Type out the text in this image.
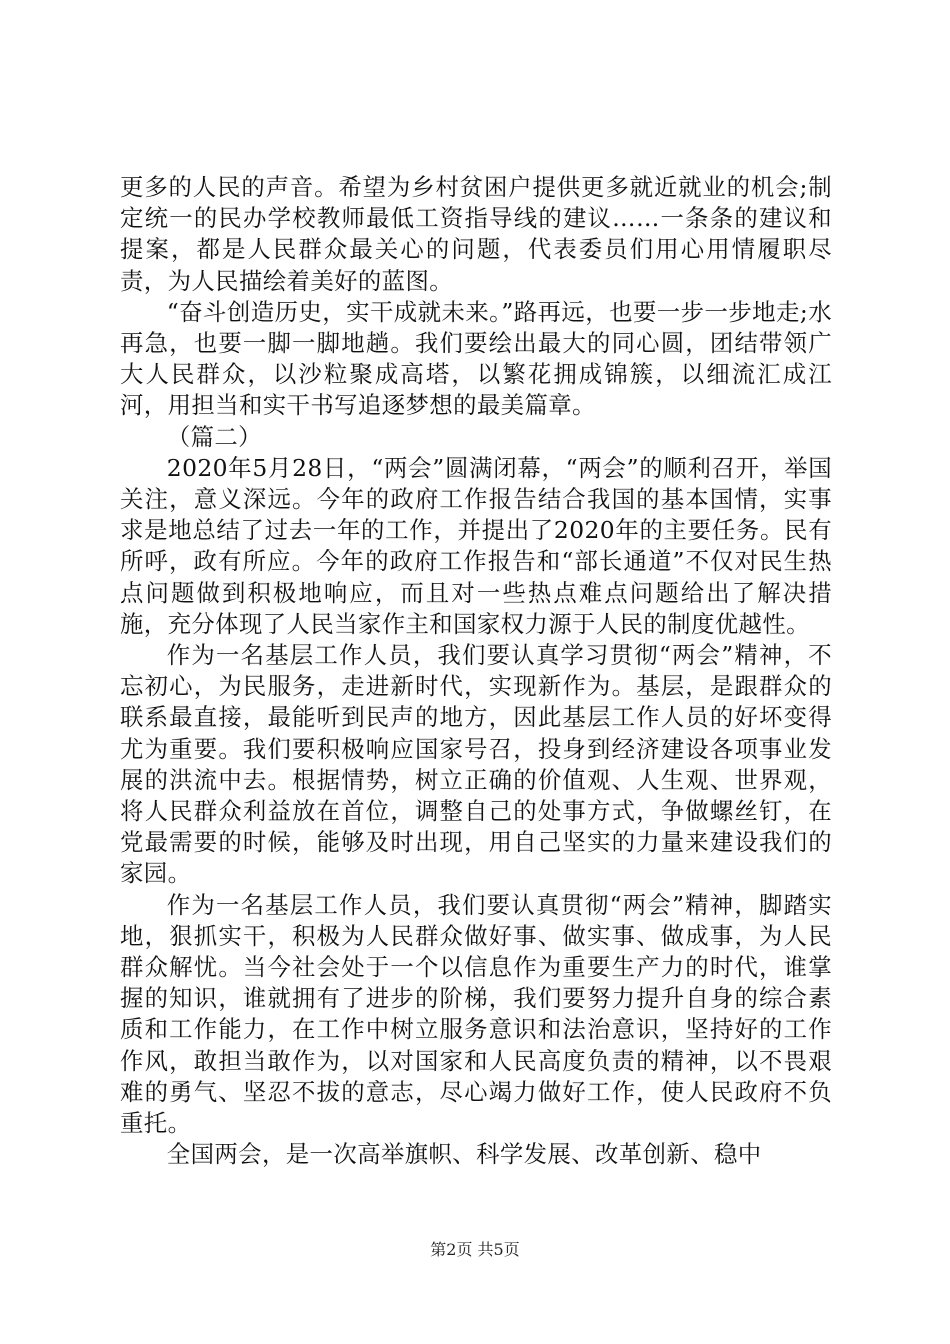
更多的人民的声音。希望为乡村贫困户提供更多就近就业的机会;制定统一的民办学校教师最低工资指导线的建议……一条条的建议和提案，都是人民群众最关心的问题，代表委员们用心用情履职尽责，为人民描绘着美好的蓝图。

“奋斗创造历史，实干成就未来。”路再远，也要一步一步地走;水再急，也要一脚一脚地趟。我们要绘出最大的同心圆，团结带领广大人民群众，以沙粒聚成高塔，以繁花拥成锦簇，以细流汇成江河，用担当和实干书写追逐梦想的最美篇章。

（篇二）

2020年5月28日，“两会”圆满闭幕，“两会”的顺利召开，举国关注，意义深远。今年的政府工作报告结合我国的基本国情，实事求是地总结了过去一年的工作，并提出了2020年的主要任务。民有所呼，政有所应。今年的政府工作报告和“部长通道”不仅对民生热点问题做到积极地响应，而且对一些热点难点问题给出了解决措施，充分体现了人民当家作主和国家权力源于人民的制度优越性。

作为一名基层工作人员，我们要认真学习贯彻“两会”精神，不忘初心，为民服务，走进新时代，实现新作为。基层，是跟群众的联系最直接，最能听到民声的地方，因此基层工作人员的好坏变得尤为重要。我们要积极响应国家号召，投身到经济建设各项事业发展的洪流中去。根据情势，树立正确的价值观、人生观、世界观，将人民群众利益放在首位，调整自己的处事方式，争做螺丝钉，在党最需要的时候，能够及时出现，用自己坚实的力量来建设我们的家园。

作为一名基层工作人员，我们要认真贯彻“两会”精神，脚踏实地，狠抓实干，积极为人民群众做好事、做实事、做成事，为人民群众解忧。当今社会处于一个以信息作为重要生产力的时代，谁掌握的知识，谁就拥有了进步的阶梯，我们要努力提升自身的综合素质和工作能力，在工作中树立服务意识和法治意识，坚持好的工作作风，敢担当敢作为，以对国家和人民高度负责的精神，以不畏艰难的勇气、坚忍不拔的意志，尽心竭力做好工作，使人民政府不负重托。

全国两会，是一次高举旗帜、科学发展、改革创新、稳中

第2页 共5页
